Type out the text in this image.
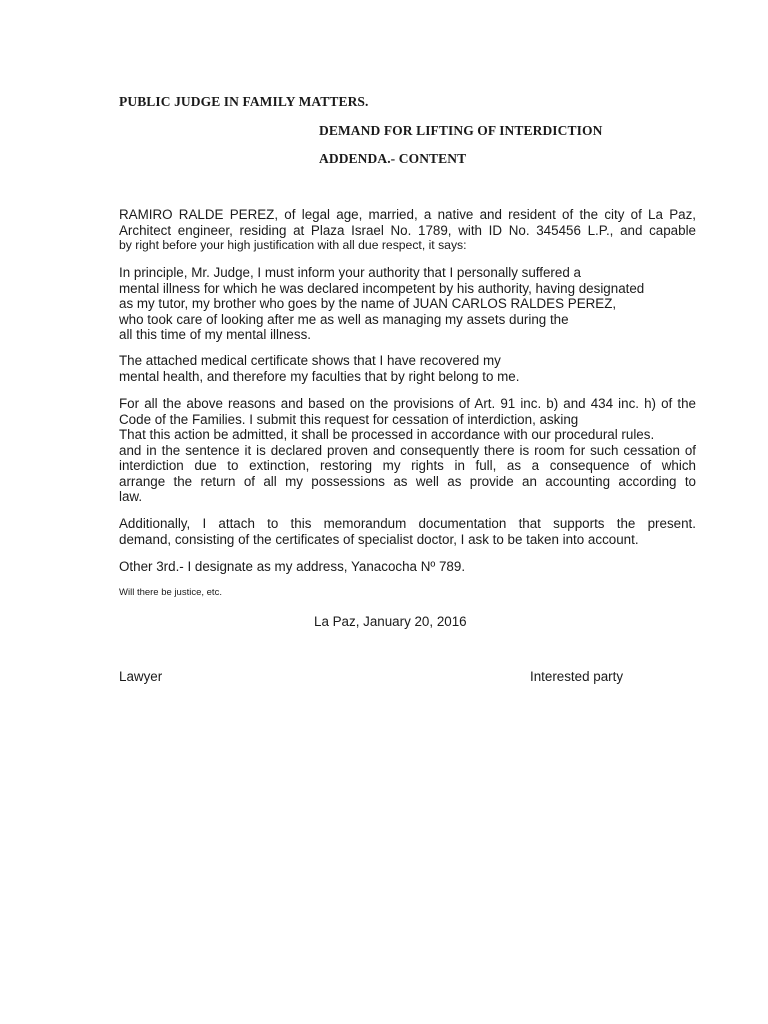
PUBLIC JUDGE IN FAMILY MATTERS.

DEMAND FOR LIFTING OF INTERDICTION

ADDENDA.- CONTENT

RAMIRO RALDE PEREZ, of legal age, married, a native and resident of the city of La Paz,
Architect engineer, residing at Plaza Israel No. 1789, with ID No. 345456 L.P., and capable
by right before your high justification with all due respect, it says:
In principle, Mr. Judge, I must inform your authority that I personally suffered a
mental illness for which he was declared incompetent by his authority, having designated
as my tutor, my brother who goes by the name of JUAN CARLOS RALDES PEREZ,
who took care of looking after me as well as managing my assets during the
all this time of my mental illness.
The attached medical certificate shows that I have recovered my
mental health, and therefore my faculties that by right belong to me.
For all the above reasons and based on the provisions of Art. 91 inc. b) and 434 inc. h) of the
Code of the Families. I submit this request for cessation of interdiction, asking
That this action be admitted, it shall be processed in accordance with our procedural rules.
and in the sentence it is declared proven and consequently there is room for such cessation of
interdiction due to extinction, restoring my rights in full, as a consequence of which
arrange the return of all my possessions as well as provide an accounting according to
law.
Additionally, I attach to this memorandum documentation that supports the present.
demand, consisting of the certificates of specialist doctor, I ask to be taken into account.
Other 3rd.- I designate as my address, Yanacocha Nº 789.

Will there be justice, etc.

La Paz, January 20, 2016

Lawyer	Interested party
